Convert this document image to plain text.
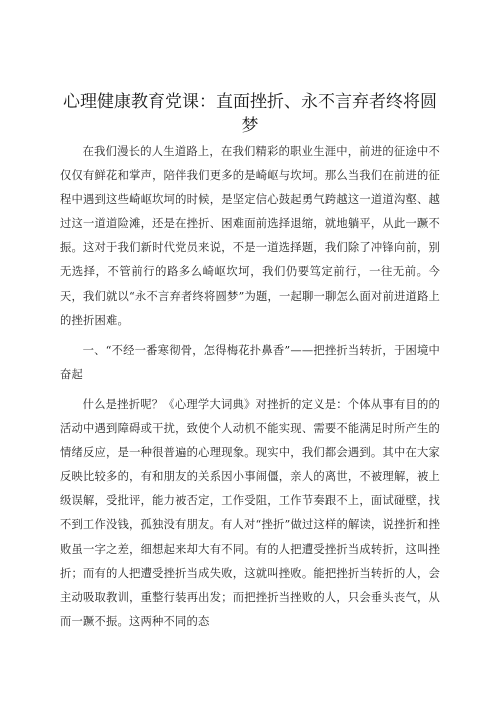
心理健康教育党课：直面挫折、永不言弃者终将圆梦

在我们漫长的人生道路上，在我们精彩的职业生涯中，前进的征途中不仅仅有鲜花和掌声，陪伴我们更多的是崎岖与坎坷。那么当我们在前进的征程中遇到这些崎岖坎坷的时候，是坚定信心鼓起勇气跨越这一道道沟壑、越过这一道道险滩，还是在挫折、困难面前选择退缩，就地躺平，从此一蹶不振。这对于我们新时代党员来说，不是一道选择题，我们除了冲锋向前，别无选择，不管前行的路多么崎岖坎坷，我们仍要笃定前行，一往无前。今天，我们就以“永不言弃者终将圆梦”为题，一起聊一聊怎么面对前进道路上的挫折困难。

一、“不经一番寒彻骨，怎得梅花扑鼻香”——把挫折当转折，于困境中奋起

什么是挫折呢？《心理学大词典》对挫折的定义是：个体从事有目的的活动中遇到障碍或干扰，致使个人动机不能实现、需要不能满足时所产生的情绪反应，是一种很普遍的心理现象。现实中，我们都会遇到。其中在大家反映比较多的，有和朋友的关系因小事闹僵，亲人的离世，不被理解，被上级误解，受批评，能力被否定，工作受阻，工作节奏跟不上，面试碰壁，找不到工作没钱，孤独没有朋友。有人对“挫折”做过这样的解读，说挫折和挫败虽一字之差，细想起来却大有不同。有的人把遭受挫折当成转折，这叫挫折；而有的人把遭受挫折当成失败，这就叫挫败。能把挫折当转折的人，会主动吸取教训，重整行装再出发；而把挫折当挫败的人，只会垂头丧气，从而一蹶不振。这两种不同的态
